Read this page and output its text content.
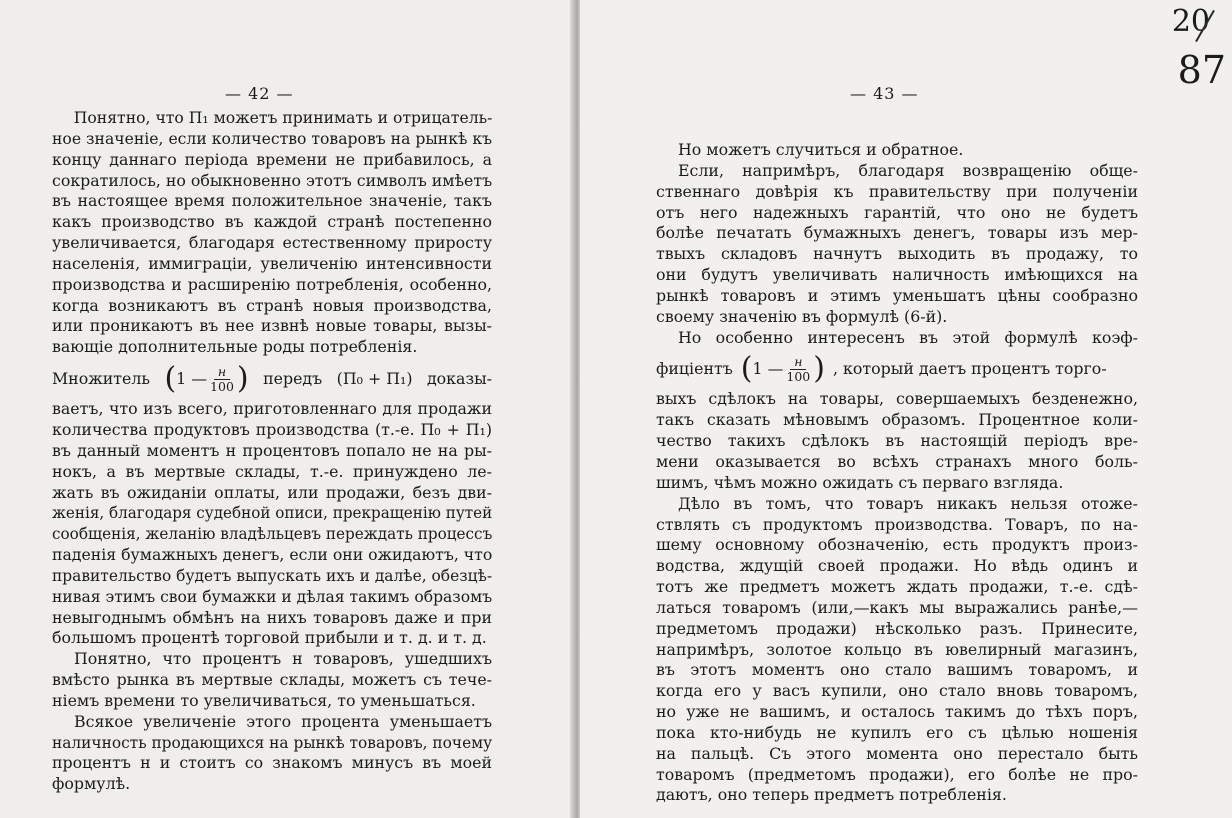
— 42 —
Понятно, что П₁ можетъ принимать и отрицатель-
ное значеніе, если количество товаровъ на рынкѣ къ
концу даннаго періода времени не прибавилось, а
сократилось, но обыкновенно этотъ символъ имѣетъ
въ настоящее время положительное значеніе, такъ
какъ производство въ каждой странѣ постепенно
увеличивается, благодаря естественному приросту
населенія, иммиграціи, увеличенію интенсивности
производства и расширенію потребленія, особенно,
когда возникаютъ въ странѣ новыя производства,
или проникаютъ въ нее извнѣ новые товары, вызы-
вающіе дополнительные роды потребленія.
Множитель ( 1 — $\frac{н}{100}$ ) передъ (П₀ + П₁) доказы-
ваетъ, что изъ всего, приготовленнаго для продажи
количества продуктовъ производства (т.-е. П₀ + П₁)
въ данный моментъ н процентовъ попало не на ры-
нокъ, а въ мертвые склады, т.-е. принуждено ле-
жать въ ожиданіи оплаты, или продажи, безъ дви-
женія, благодаря судебной описи, прекращенію путей
сообщенія, желанію владѣльцевъ переждать процессъ
паденія бумажныхъ денегъ, если они ожидаютъ, что
правительство будетъ выпускать ихъ и далѣе, обезцѣ-
нивая этимъ свои бумажки и дѣлая такимъ образомъ
невыгоднымъ обмѣнъ на нихъ товаровъ даже и при
большомъ процентѣ торговой прибыли и т. д. и т. д.
Понятно, что процентъ н товаровъ, ушедшихъ
вмѣсто рынка въ мертвые склады, можетъ съ тече-
ніемъ времени то увеличиваться, то уменьшаться.
Всякое увеличеніе этого процента уменьшаетъ
наличность продающихся на рынкѣ товаровъ, почему
процентъ н и стоитъ со знакомъ минусъ въ моей
формулѣ.
— 43 —
Но можетъ случиться и обратное.
Если, напримѣръ, благодаря возвращенію обще-
ственнаго довѣрія къ правительству при полученіи
отъ него надежныхъ гарантій, что оно не будетъ
болѣе печатать бумажныхъ денегъ, товары изъ мер-
твыхъ складовъ начнутъ выходить въ продажу, то
они будутъ увеличивать наличность имѣющихся на
рынкѣ товаровъ и этимъ уменьшатъ цѣны сообразно
своему значенію въ формулѣ (6-й).
Но особенно интересенъ въ этой формулѣ коэф-
фиціентъ ( 1 — $\frac{н}{100}$ ) , который даетъ процентъ торго-
выхъ сдѣлокъ на товары, совершаемыхъ безденежно,
такъ сказать мѣновымъ образомъ. Процентное коли-
чество такихъ сдѣлокъ въ настоящій періодъ вре-
мени оказывается во всѣхъ странахъ много боль-
шимъ, чѣмъ можно ожидать съ перваго взгляда.
Дѣло въ томъ, что товаръ никакъ нельзя отоже-
ствлять съ продуктомъ производства. Товаръ, по на-
шему основному обозначенію, есть продуктъ произ-
водства, ждущій своей продажи. Но вѣдь одинъ и
тотъ же предметъ можетъ ждать продажи, т.-е. сдѣ-
латься товаромъ (или,—какъ мы выражались ранѣе,—
предметомъ продажи) нѣсколько разъ. Принесите,
напримѣръ, золотое кольцо въ ювелирный магазинъ,
въ этотъ моментъ оно стало вашимъ товаромъ, и
когда его у васъ купили, оно стало вновь товаромъ,
но уже не вашимъ, и осталось такимъ до тѣхъ поръ,
пока кто-нибудь не купилъ его съ цѣлью ношенія
на пальцѣ. Съ этого момента оно перестало быть
товаромъ (предметомъ продажи), его болѣе не про-
даютъ, оно теперь предметъ потребленія.
20
87
